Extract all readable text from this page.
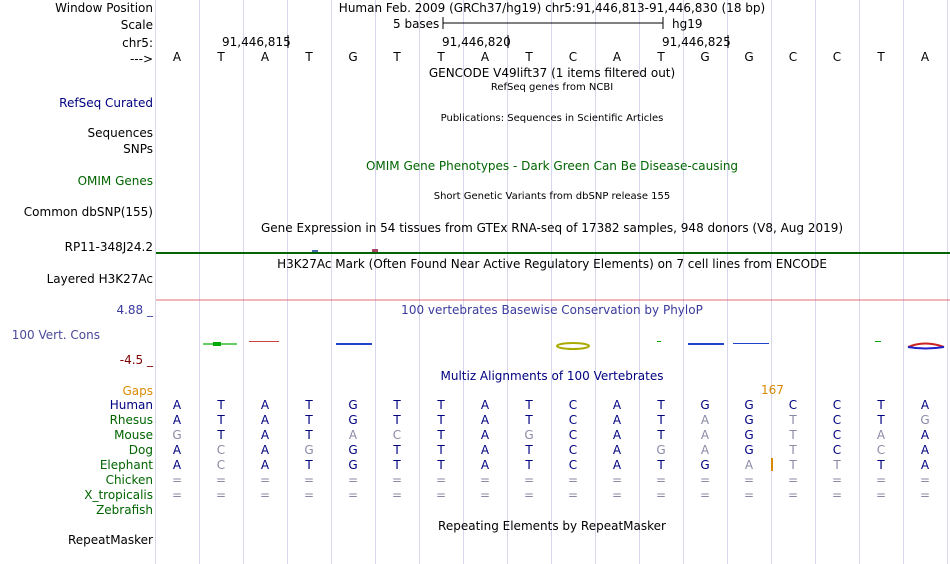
Window Position	Human Feb. 2009 (GRCh37/hg19) chr5:91,446,813-91,446,830 (18 bp)
Scale	5 bases	hg19
chr5:	91,446,815	91,446,820	91,446,825
--->	A	T	A	T	G	T	T	A	T	C	A	T	G	G	C	C	T	A
GENCODE V49lift37 (1 items filtered out)
RefSeq genes from NCBI
RefSeq Curated
Sequences
Publications: Sequences in Scientific Articles
SNPs
OMIM Gene Phenotypes - Dark Green Can Be Disease-causing
OMIM Genes
Short Genetic Variants from dbSNP release 155
Common dbSNP(155)
Gene Expression in 54 tissues from GTEx RNA-seq of 17382 samples, 948 donors (V8, Aug 2019)
RP11-348J24.2
H3K27Ac Mark (Often Found Near Active Regulatory Elements) on 7 cell lines from ENCODE
Layered H3K27Ac
4.88 _	100 vertebrates Basewise Conservation by PhyloP
100 Vert. Cons
-4.5 _
Multiz Alignments of 100 Vertebrates
Gaps	167
Human	A	T	A	T	G	T	T	A	T	C	A	T	G	G	C	C	T	A
Rhesus	A	T	A	T	G	T	T	A	T	C	A	T	A	G	T	C	T	G
Mouse	G	T	A	T	A	C	T	A	G	C	A	T	A	G	T	C	A	A
Dog	A	C	A	G	G	T	T	A	T	C	A	G	A	G	T	C	C	A
Elephant	A	C	A	T	G	T	T	A	T	C	A	T	G	A	T	T	T	A
Chicken	=	=	=	=	=	=	=	=	=	=	=	=	=	=	=	=	=	=
X_tropicalis	=	=	=	=	=	=	=	=	=	=	=	=	=	=	=	=	=	=
Zebrafish
Repeating Elements by RepeatMasker
RepeatMasker
